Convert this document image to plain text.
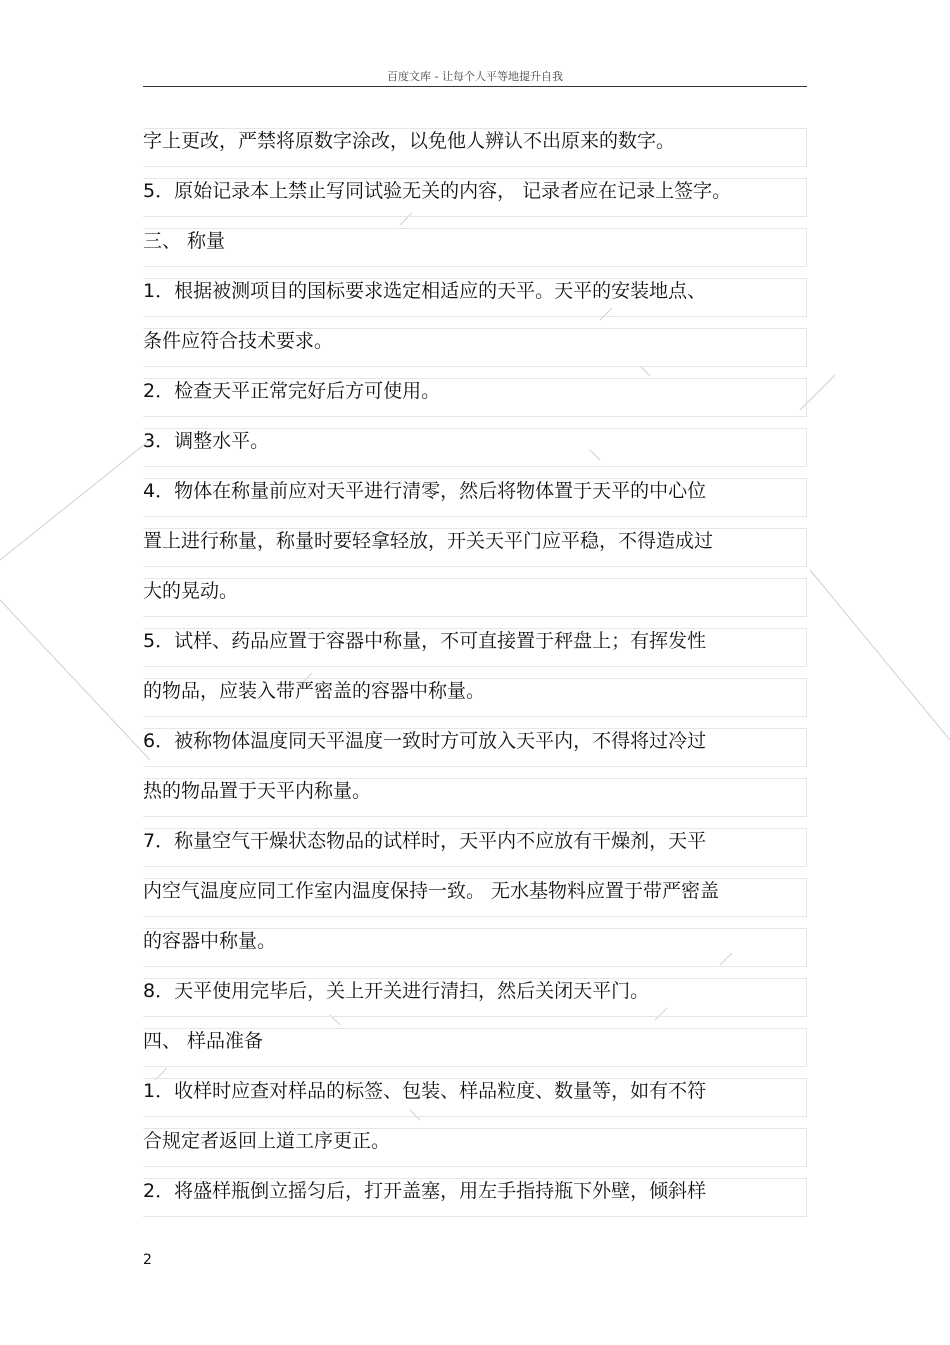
百度文库 - 让每个人平等地提升自我
字上更改，严禁将原数字涂改，以免他人辨认不出原来的数字。
5．原始记录本上禁止写同试验无关的内容， 记录者应在记录上签字。
三、 称量
1．根据被测项目的国标要求选定相适应的天平。天平的安装地点、
条件应符合技术要求。
2．检查天平正常完好后方可使用。
3．调整水平。
4．物体在称量前应对天平进行清零，然后将物体置于天平的中心位
置上进行称量，称量时要轻拿轻放，开关天平门应平稳，不得造成过
大的晃动。
5．试样、药品应置于容器中称量，不可直接置于秤盘上；有挥发性
的物品，应装入带严密盖的容器中称量。
6．被称物体温度同天平温度一致时方可放入天平内，不得将过冷过
热的物品置于天平内称量。
7．称量空气干燥状态物品的试样时，天平内不应放有干燥剂，天平
内空气温度应同工作室内温度保持一致。 无水基物料应置于带严密盖
的容器中称量。
8．天平使用完毕后，关上开关进行清扫，然后关闭天平门。
四、 样品准备
1．收样时应查对样品的标签、包装、样品粒度、数量等，如有不符
合规定者返回上道工序更正。
2．将盛样瓶倒立摇匀后，打开盖塞，用左手指持瓶下外壁，倾斜样
2
